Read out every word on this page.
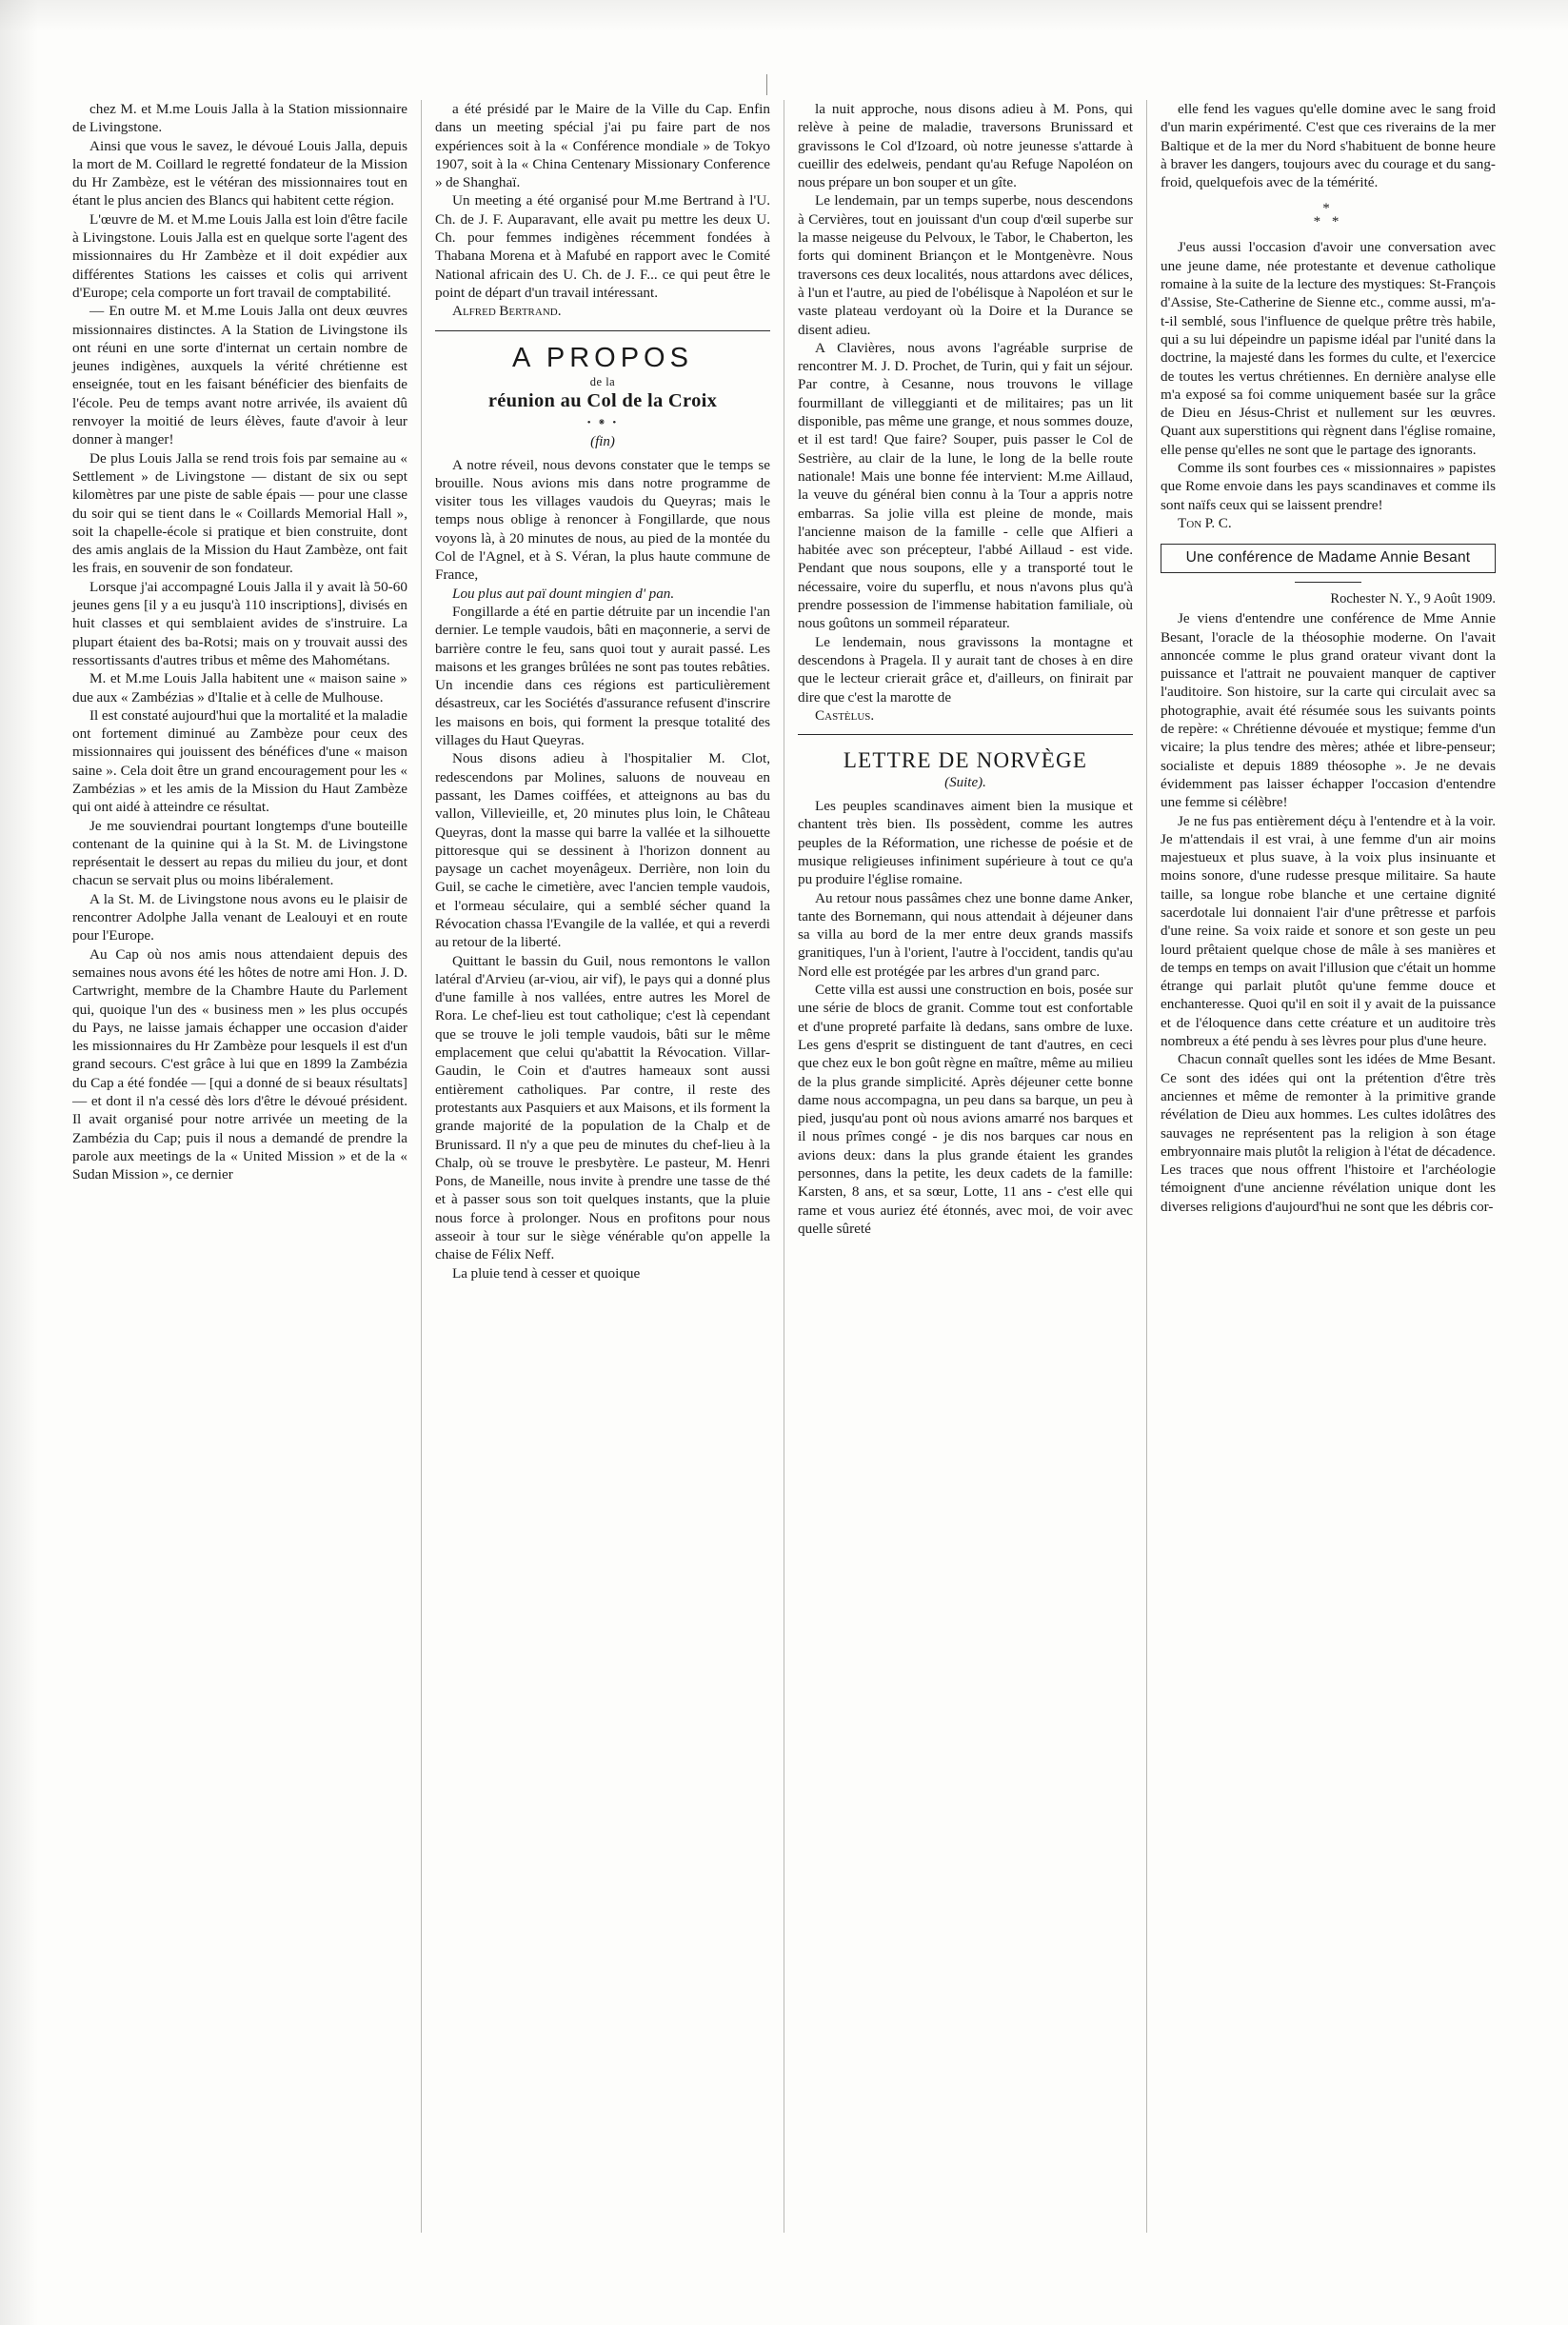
chez M. et M.me Louis Jalla à la Station missionnaire de Livingstone.

Ainsi que vous le savez, le dévoué Louis Jalla, depuis la mort de M. Coillard le regretté fondateur de la Mission du Hr Zambèze, est le vétéran des missionnaires tout en étant le plus ancien des Blancs qui habitent cette région.

L'œuvre de M. et M.me Louis Jalla est loin d'être facile à Livingstone. Louis Jalla est en quelque sorte l'agent des missionnaires du Hr Zambèze et il doit expédier aux différentes Stations les caisses et colis qui arrivent d'Europe; cela comporte un fort travail de comptabilité.

— En outre M. et M.me Louis Jalla ont deux œuvres missionnaires distinctes. A la Station de Livingstone ils ont réuni en une sorte d'internat un certain nombre de jeunes indigènes, auxquels la vérité chrétienne est enseignée, tout en les faisant bénéficier des bienfaits de l'école. Peu de temps avant notre arrivée, ils avaient dû renvoyer la moitié de leurs élèves, faute d'avoir à leur donner à manger!

De plus Louis Jalla se rend trois fois par semaine au « Settlement » de Livingstone — distant de six ou sept kilomètres par une piste de sable épais — pour une classe du soir qui se tient dans le « Coillards Memorial Hall », soit la chapelle-école si pratique et bien construite, dont des amis anglais de la Mission du Haut Zambèze, ont fait les frais, en souvenir de son fondateur.

Lorsque j'ai accompagné Louis Jalla il y avait là 50-60 jeunes gens [il y a eu jusqu'à 110 inscriptions], divisés en huit classes et qui semblaient avides de s'instruire. La plupart étaient des ba-Rotsi; mais on y trouvait aussi des ressortissants d'autres tribus et même des Mahométans.

M. et M.me Louis Jalla habitent une « maison saine » due aux « Zambézias » d'Italie et à celle de Mulhouse.

Il est constaté aujourd'hui que la mortalité et la maladie ont fortement diminué au Zambèze pour ceux des missionnaires qui jouissent des bénéfices d'une « maison saine ». Cela doit être un grand encouragement pour les « Zambézias » et les amis de la Mission du Haut Zambèze qui ont aidé à atteindre ce résultat.

Je me souviendrai pourtant longtemps d'une bouteille contenant de la quinine qui à la St. M. de Livingstone représentait le dessert au repas du milieu du jour, et dont chacun se servait plus ou moins libéralement.

A la St. M. de Livingstone nous avons eu le plaisir de rencontrer Adolphe Jalla venant de Lealouyi et en route pour l'Europe.

Au Cap où nos amis nous attendaient depuis des semaines nous avons été les hôtes de notre ami Hon. J. D. Cartwright, membre de la Chambre Haute du Parlement qui, quoique l'un des « business men » les plus occupés du Pays, ne laisse jamais échapper une occasion d'aider les missionnaires du Hr Zambèze pour lesquels il est d'un grand secours. C'est grâce à lui que en 1899 la Zambézia du Cap a été fondée — [qui a donné de si beaux résultats] — et dont il n'a cessé dès lors d'être le dévoué président. Il avait organisé pour notre arrivée un meeting de la Zambézia du Cap; puis il nous a demandé de prendre la parole aux meetings de la « United Mission » et de la « Sudan Mission », ce dernier

a été présidé par le Maire de la Ville du Cap. Enfin dans un meeting spécial j'ai pu faire part de nos expériences soit à la « Conférence mondiale » de Tokyo 1907, soit à la « China Centenary Missionary Conference » de Shanghaï.

Un meeting a été organisé pour M.me Bertrand à l'U. Ch. de J. F. Auparavant, elle avait pu mettre les deux U. Ch. pour femmes indigènes récemment fondées à Thabana Morena et à Mafubé en rapport avec le Comité National africain des U. Ch. de J. F... ce qui peut être le point de départ d'un travail intéressant.

Alfred Bertrand.

A PROPOS
de la
réunion au Col de la Croix
• ⁕ •
(fin)

A notre réveil, nous devons constater que le temps se brouille. Nous avions mis dans notre programme de visiter tous les villages vaudois du Queyras; mais le temps nous oblige à renoncer à Fongillarde, que nous voyons là, à 20 minutes de nous, au pied de la montée du Col de l'Agnel, et à S. Véran, la plus haute commune de France,

Lou plus aut paï dount mingien d' pan.

Fongillarde a été en partie détruite par un incendie l'an dernier. Le temple vaudois, bâti en maçonnerie, a servi de barrière contre le feu, sans quoi tout y aurait passé. Les maisons et les granges brûlées ne sont pas toutes rebâties. Un incendie dans ces régions est particulièrement désastreux, car les Sociétés d'assurance refusent d'inscrire les maisons en bois, qui forment la presque totalité des villages du Haut Queyras.

Nous disons adieu à l'hospitalier M. Clot, redescendons par Molines, saluons de nouveau en passant, les Dames coiffées, et atteignons au bas du vallon, Villevieille, et, 20 minutes plus loin, le Château Queyras, dont la masse qui barre la vallée et la silhouette pittoresque qui se dessinent à l'horizon donnent au paysage un cachet moyenâgeux. Derrière, non loin du Guil, se cache le cimetière, avec l'ancien temple vaudois, et l'ormeau séculaire, qui a semblé sécher quand la Révocation chassa l'Evangile de la vallée, et qui a reverdi au retour de la liberté.

Quittant le bassin du Guil, nous remontons le vallon latéral d'Arvieu (ar-viou, air vif), le pays qui a donné plus d'une famille à nos vallées, entre autres les Morel de Rora. Le chef-lieu est tout catholique; c'est là cependant que se trouve le joli temple vaudois, bâti sur le même emplacement que celui qu'abattit la Révocation. Villar-Gaudin, le Coin et d'autres hameaux sont aussi entièrement catholiques. Par contre, il reste des protestants aux Pasquiers et aux Maisons, et ils forment la grande majorité de la population de la Chalp et de Brunissard. Il n'y a que peu de minutes du chef-lieu à la Chalp, où se trouve le presbytère. Le pasteur, M. Henri Pons, de Maneille, nous invite à prendre une tasse de thé et à passer sous son toit quelques instants, que la pluie nous force à prolonger. Nous en profitons pour nous asseoir à tour sur le siège vénérable qu'on appelle la chaise de Félix Neff.

La pluie tend à cesser et quoique

la nuit approche, nous disons adieu à M. Pons, qui relève à peine de maladie, traversons Brunissard et gravissons le Col d'Izoard, où notre jeunesse s'attarde à cueillir des edelweis, pendant qu'au Refuge Napoléon on nous prépare un bon souper et un gîte.

Le lendemain, par un temps superbe, nous descendons à Cervières, tout en jouissant d'un coup d'œil superbe sur la masse neigeuse du Pelvoux, le Tabor, le Chaberton, les forts qui dominent Briançon et le Montgenèvre. Nous traversons ces deux localités, nous attardons avec délices, à l'un et l'autre, au pied de l'obélisque à Napoléon et sur le vaste plateau verdoyant où la Doire et la Durance se disent adieu.

A Clavières, nous avons l'agréable surprise de rencontrer M. J. D. Prochet, de Turin, qui y fait un séjour. Par contre, à Cesanne, nous trouvons le village fourmillant de villeggianti et de militaires; pas un lit disponible, pas même une grange, et nous sommes douze, et il est tard! Que faire? Souper, puis passer le Col de Sestrière, au clair de la lune, le long de la belle route nationale! Mais une bonne fée intervient: M.me Aillaud, la veuve du général bien connu à la Tour a appris notre embarras. Sa jolie villa est pleine de monde, mais l'ancienne maison de la famille - celle que Alfieri a habitée avec son précepteur, l'abbé Aillaud - est vide. Pendant que nous soupons, elle y a transporté tout le nécessaire, voire du superflu, et nous n'avons plus qu'à prendre possession de l'immense habitation familiale, où nous goûtons un sommeil réparateur.

Le lendemain, nous gravissons la montagne et descendons à Pragela. Il y aurait tant de choses à en dire que le lecteur crierait grâce et, d'ailleurs, on finirait par dire que c'est la marotte de

Castèlus.

LETTRE DE NORVÈGE
(Suite).

Les peuples scandinaves aiment bien la musique et chantent très bien. Ils possèdent, comme les autres peuples de la Réformation, une richesse de poésie et de musique religieuses infiniment supérieure à tout ce qu'a pu produire l'église romaine.

Au retour nous passâmes chez une bonne dame Anker, tante des Bornemann, qui nous attendait à déjeuner dans sa villa au bord de la mer entre deux grands massifs granitiques, l'un à l'orient, l'autre à l'occident, tandis qu'au Nord elle est protégée par les arbres d'un grand parc.

Cette villa est aussi une construction en bois, posée sur une série de blocs de granit. Comme tout est confortable et d'une propreté parfaite là dedans, sans ombre de luxe. Les gens d'esprit se distinguent de tant d'autres, en ceci que chez eux le bon goût règne en maître, même au milieu de la plus grande simplicité. Après déjeuner cette bonne dame nous accompagna, un peu dans sa barque, un peu à pied, jusqu'au pont où nous avions amarré nos barques et il nous prîmes congé - je dis nos barques car nous en avions deux: dans la plus grande étaient les grandes personnes, dans la petite, les deux cadets de la famille: Karsten, 8 ans, et sa sœur, Lotte, 11 ans - c'est elle qui rame et vous auriez été étonnés, avec moi, de voir avec quelle sûreté

elle fend les vagues qu'elle domine avec le sang froid d'un marin expérimenté. C'est que ces riverains de la mer Baltique et de la mer du Nord s'habituent de bonne heure à braver les dangers, toujours avec du courage et du sang-froid, quelquefois avec de la témérité.

*
* *

J'eus aussi l'occasion d'avoir une conversation avec une jeune dame, née protestante et devenue catholique romaine à la suite de la lecture des mystiques: St-François d'Assise, Ste-Catherine de Sienne etc., comme aussi, m'a-t-il semblé, sous l'influence de quelque prêtre très habile, qui a su lui dépeindre un papisme idéal par l'unité dans la doctrine, la majesté dans les formes du culte, et l'exercice de toutes les vertus chrétiennes. En dernière analyse elle m'a exposé sa foi comme uniquement basée sur la grâce de Dieu en Jésus-Christ et nullement sur les œuvres. Quant aux superstitions qui règnent dans l'église romaine, elle pense qu'elles ne sont que le partage des ignorants.

Comme ils sont fourbes ces « missionnaires » papistes que Rome envoie dans les pays scandinaves et comme ils sont naïfs ceux qui se laissent prendre!

Ton P. C.

Une conférence de Madame Annie Besant
Rochester N. Y., 9 Août 1909.

Je viens d'entendre une conférence de Mme Annie Besant, l'oracle de la théosophie moderne. On l'avait annoncée comme le plus grand orateur vivant dont la puissance et l'attrait ne pouvaient manquer de captiver l'auditoire. Son histoire, sur la carte qui circulait avec sa photographie, avait été résumée sous les suivants points de repère: « Chrétienne dévouée et mystique; femme d'un vicaire; la plus tendre des mères; athée et libre-penseur; socialiste et depuis 1889 théosophe ». Je ne devais évidemment pas laisser échapper l'occasion d'entendre une femme si célèbre!

Je ne fus pas entièrement déçu à l'entendre et à la voir. Je m'attendais il est vrai, à une femme d'un air moins majestueux et plus suave, à la voix plus insinuante et moins sonore, d'une rudesse presque militaire. Sa haute taille, sa longue robe blanche et une certaine dignité sacerdotale lui donnaient l'air d'une prêtresse et parfois d'une reine. Sa voix raide et sonore et son geste un peu lourd prêtaient quelque chose de mâle à ses manières et de temps en temps on avait l'illusion que c'était un homme étrange qui parlait plutôt qu'une femme douce et enchanteresse. Quoi qu'il en soit il y avait de la puissance et de l'éloquence dans cette créature et un auditoire très nombreux a été pendu à ses lèvres pour plus d'une heure.

Chacun connaît quelles sont les idées de Mme Besant. Ce sont des idées qui ont la prétention d'être très anciennes et même de remonter à la primitive grande révélation de Dieu aux hommes. Les cultes idolâtres des sauvages ne représentent pas la religion à son étage embryonnaire mais plutôt la religion à l'état de décadence. Les traces que nous offrent l'histoire et l'archéologie témoignent d'une ancienne révélation unique dont les diverses religions d'aujourd'hui ne sont que les débris cor-
